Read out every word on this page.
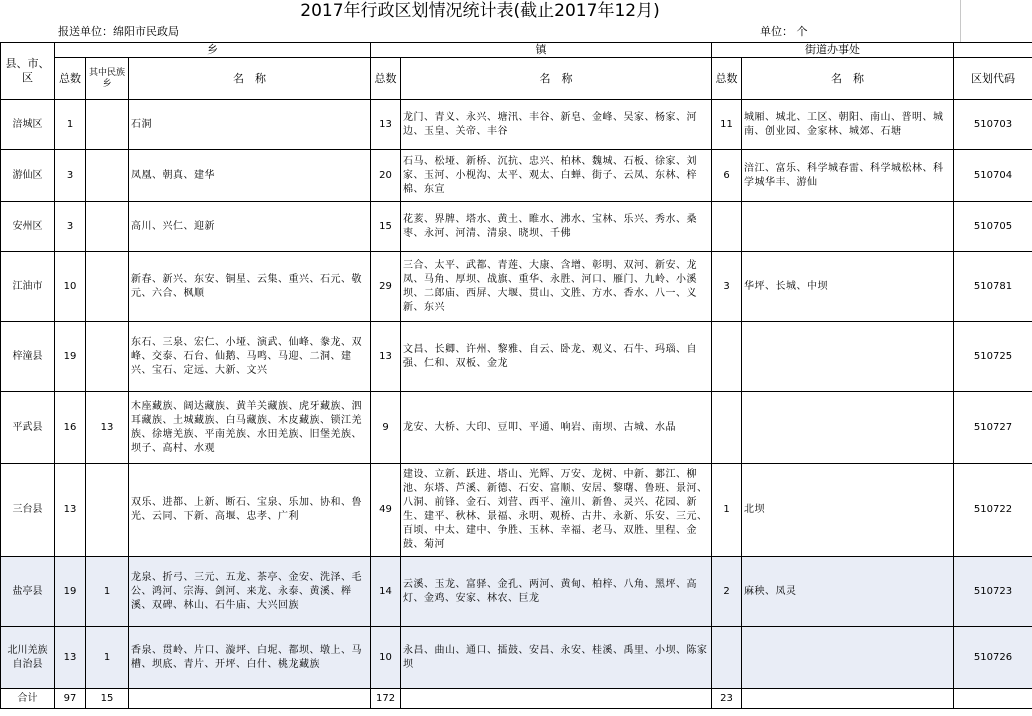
2017年行政区划情况统计表(截止2017年12月)
报送单位：绵阳市民政局	单位： 个
县、市、区	乡			镇		街道办事处		
	总数	其中民族乡	名　称	总数	名　称	总数	名　称	区划代码
涪城区	1		石洞	13	龙门、青义、永兴、塘汛、丰谷、新皂、金峰、吴家、杨家、河边、玉皇、关帝、丰谷	11	城厢、城北、工区、朝阳、南山、普明、城南、创业园、金家林、城郊、石塘	510703
游仙区	3		凤凰、朝真、建华	20	石马、松垭、新桥、沉抗、忠兴、柏林、魏城、石板、徐家、刘家、玉河、小枧沟、太平、观太、白蝉、街子、云凤、东林、梓棉、东宣	6	涪江、富乐、科学城春雷、科学城松林、科学城华丰、游仙	510704
安州区	3		高川、兴仁、迎新	15	花荄、界牌、塔水、黄土、睢水、沸水、宝林、乐兴、秀水、桑枣、永河、河清、清泉、晓坝、千佛			510705
江油市	10		新春、新兴、东安、铜星、云集、重兴、石元、敬元、六合、枫顺	29	三合、太平、武都、青莲、大康、含增、彰明、双河、新安、龙凤、马角、厚坝、战旗、重华、永胜、河口、雁门、九岭、小溪坝、二郎庙、西屏、大堰、贯山、文胜、方水、香水、八一、义新、东兴	3	华坪、长城、中坝	510781
梓潼县	19		东石、三泉、宏仁、小垭、演武、仙峰、豢龙、双峰、交泰、石台、仙鹅、马鸣、马迎、二洞、建兴、宝石、定远、大新、文兴	13	文昌、长卿、许州、黎雅、自云、卧龙、观义、石牛、玛瑙、自强、仁和、双板、金龙			510725
平武县	16	13	木座藏族、阔达藏族、黄羊关藏族、虎牙藏族、泗耳藏族、土城藏族、白马藏族、木皮藏族、锁江羌族、徐塘羌族、平南羌族、水田羌族、旧堡羌族、坝子、高村、水观	9	龙安、大桥、大印、豆叩、平通、响岩、南坝、古城、水晶			510727
三台县	13		双乐、进都、上新、断石、宝泉、乐加、协和、鲁光、云同、下新、高堰、忠孝、广利	49	建设、立新、跃进、塔山、光辉、万安、龙树、中新、郪江、柳池、东塔、芦溪、新德、石安、富顺、安居、黎曙、鲁班、景河、八洞、前锋、金石、刘营、西平、潼川、新鲁、灵兴、花园、新生、建平、秋林、景福、永明、观桥、古井、永新、乐安、三元、百顷、中太、建中、争胜、玉林、幸福、老马、双胜、里程、金鼓、菊河	1	北坝	510722
盐亭县	19	1	龙泉、折弓、三元、五龙、茶亭、金安、洗泽、毛公、鸿河、宗海、剑河、来龙、永泰、黄溪、榉溪、双碑、林山、石牛庙、大兴回族	14	云溪、玉龙、富驿、金孔、两河、黄甸、柏梓、八角、黑坪、高灯、金鸡、安家、林农、巨龙	2	麻秧、凤灵	510723
北川羌族自治县	13	1	香泉、贯岭、片口、漩坪、白坭、都坝、墩上、马槽、坝底、青片、开坪、白什、桃龙藏族	10	永昌、曲山、通口、擂鼓、安昌、永安、桂溪、禹里、小坝、陈家坝			510726
合计	97	15		172		23		
